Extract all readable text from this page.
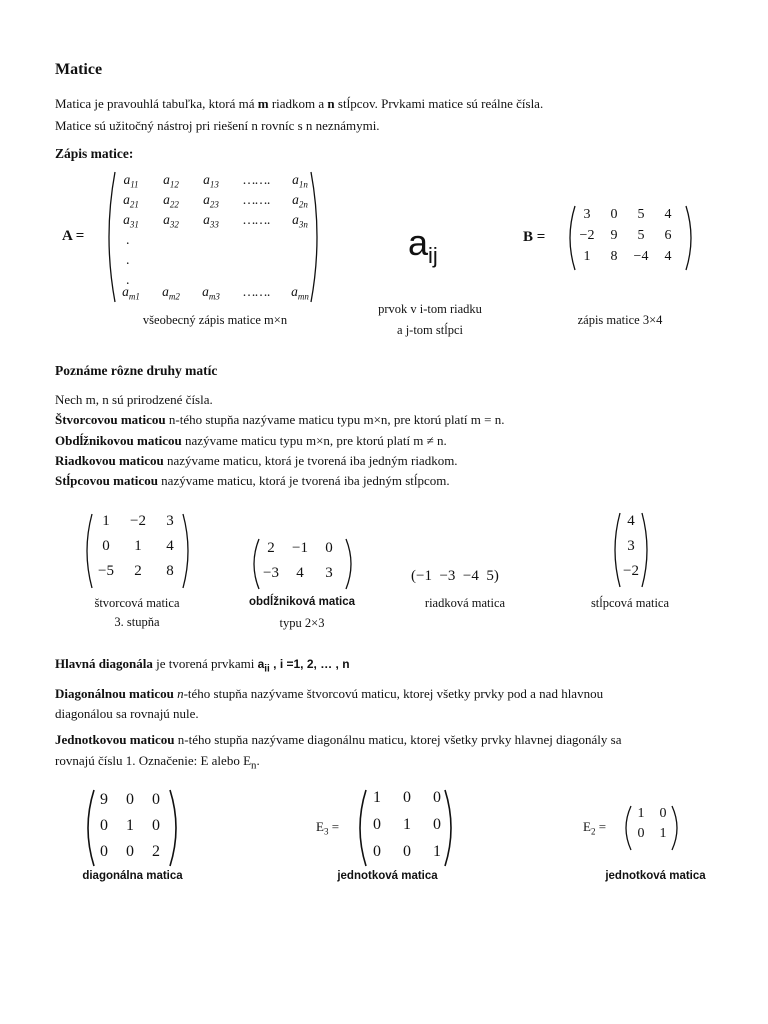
Matice
Matica je pravouhlá tabuľka, ktorá má m riadkom a n stĺpcov. Prvkami matice sú reálne čísla.
Matice sú užitočný nástroj pri riešení n rovníc s n neznámymi.
Zápis matice:
A =
$a_{11}$	$a_{12}$	$a_{13}$	…….	$a_{1n}$
$a_{21}$	$a_{22}$	$a_{23}$	…….	$a_{2n}$
$a_{31}$	$a_{32}$	$a_{33}$	…….	$a_{3n}$
.
.
.
$a_{m1}$	$a_{m2}$	$a_{m3}$	…….	$a_{mn}$
všeobecný zápis matice m×n
$a_{ij}$
prvok v i-tom riadku
a j-tom stĺpci
B =
3	0	5	4
−2	9	5	6
1	8	−4	4
zápis matice 3×4
Poznáme rôzne druhy matíc
Nech m, n sú prirodzené čísla.
Štvorcovou maticou n-tého stupňa nazývame maticu typu m×n, pre ktorú platí m = n.
Obdĺžnikovou maticou nazývame maticu typu m×n, pre ktorú platí m ≠ n.
Riadkovou maticou nazývame maticu, ktorá je tvorená iba jedným riadkom.
Stĺpcovou maticou nazývame maticu, ktorá je tvorená iba jedným stĺpcom.
1	−2	3
0	1	4
−5	2	8
štvorcová matica
3. stupňa
2	−1	0
−3	4	3
obdĺžniková matica
typu 2×3
(−1  −3  −4  5)
riadková matica
4
3
−2
stĺpcová matica
Hlavná diagonála je tvorená prvkami $a_{ii}$ , i =1, 2, … , n
Diagonálnou maticou n-tého stupňa nazývame štvorcovú maticu, ktorej všetky prvky pod a nad hlavnou
diagonálou sa rovnajú nule.
Jednotkovou maticou n-tého stupňa nazývame diagonálnu maticu, ktorej všetky prvky hlavnej diagonály sa
rovnajú číslu 1. Označenie: E alebo $E_n$.
9	0	0
0	1	0
0	0	2
diagonálna matica
$E_3$ =
1	0	0
0	1	0
0	0	1
jednotková matica
$E_2$ =
1	0
0	1
jednotková matica
